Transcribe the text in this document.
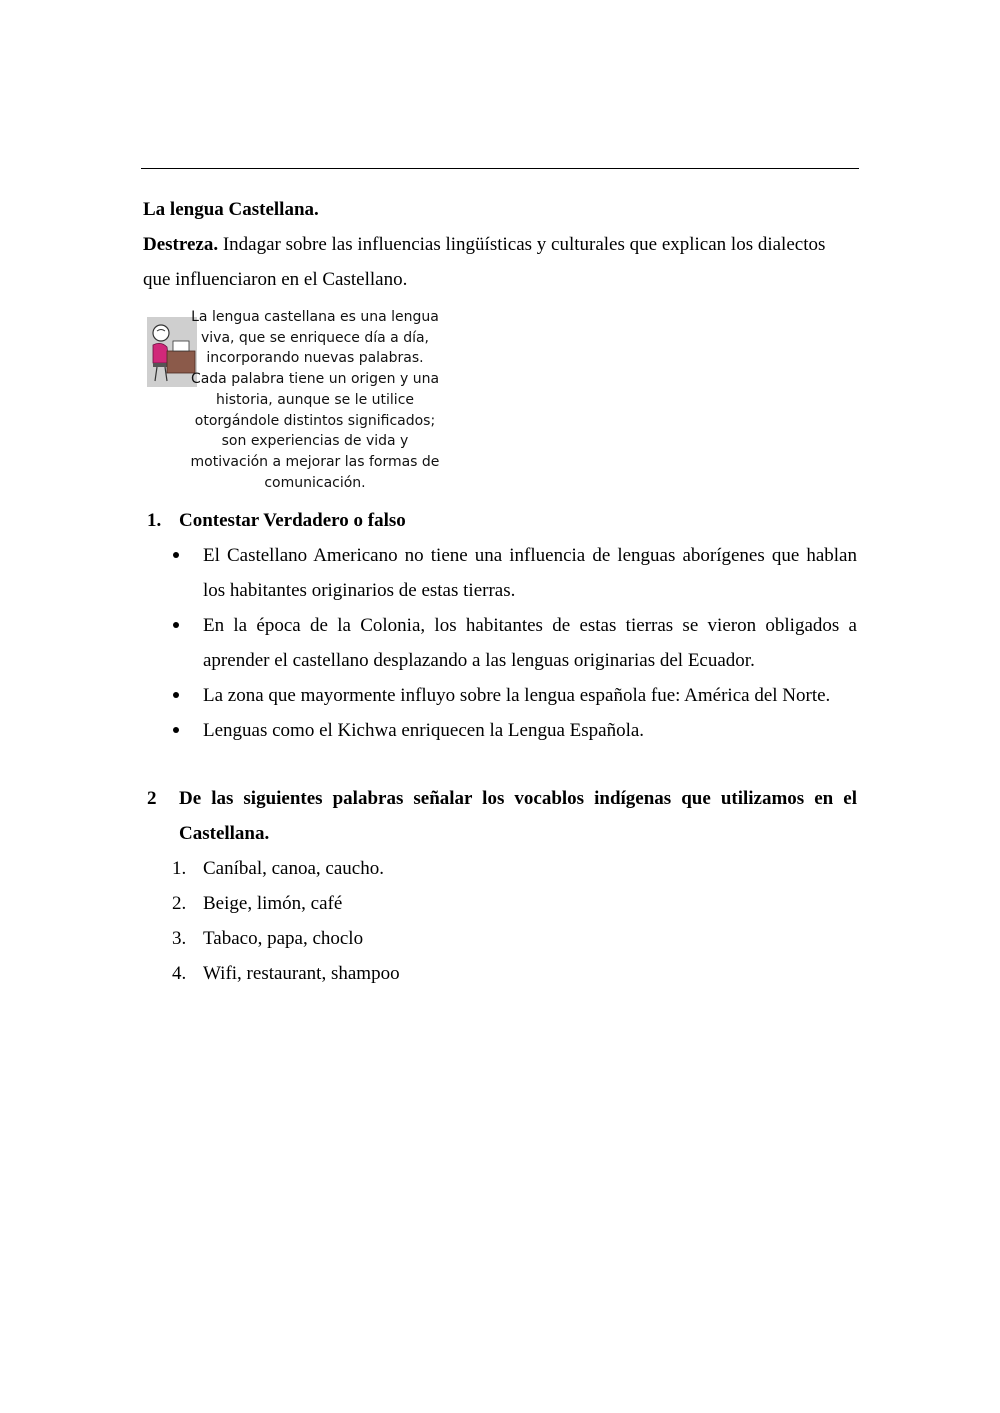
La lengua Castellana.

Destreza. Indagar sobre las influencias lingüísticas y culturales que explican los dialectos que influenciaron en el Castellano.

La lengua castellana es una lengua
viva, que se enriquece día a día,
incorporando nuevas palabras.
Cada palabra tiene un origen y una
historia, aunque se le utilice
otorgándole distintos significados;
son experiencias de vida y
motivación a mejorar las formas de
comunicación.
1. Contestar Verdadero o falso
El Castellano Americano no tiene una influencia de lenguas aborígenes que hablan los habitantes originarios de estas tierras.
En la época de la Colonia, los habitantes de estas tierras se vieron obligados a aprender el castellano desplazando a las lenguas originarias del Ecuador.
La zona que mayormente influyo sobre la lengua española fue: América del Norte.
Lenguas como el Kichwa enriquecen la Lengua Española.
2 De las siguientes palabras señalar los vocablos indígenas que utilizamos en el Castellana.
1. Caníbal, canoa, caucho.
2. Beige, limón, café
3. Tabaco, papa, choclo
4. Wifi, restaurant, shampoo
